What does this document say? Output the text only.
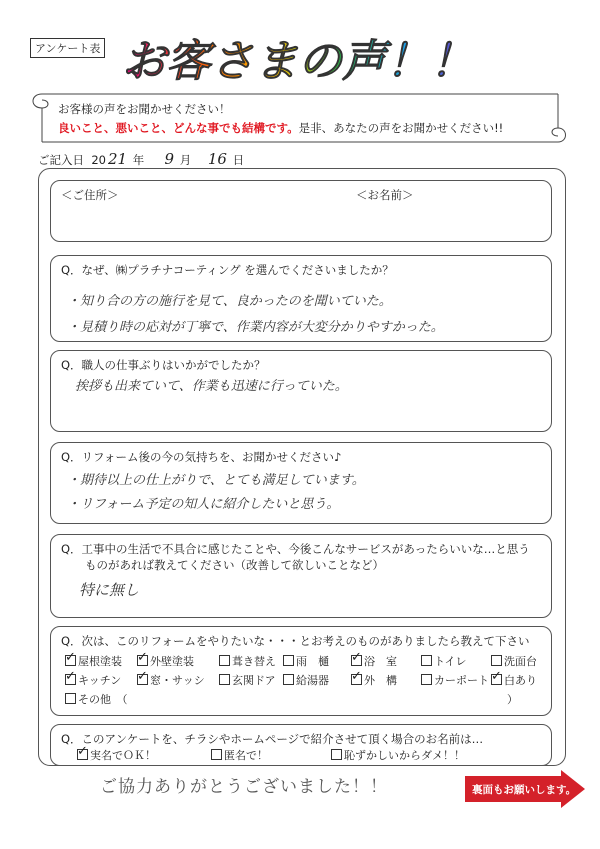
アンケート表 お客さまの声！！
お客様の声をお聞かせください！
良いこと、悪いこと、どんな事でも結構です。是非、あなたの声をお聞かせください!!
ご記入日 20 21 年 9 月 16 日
＜ご住所＞	＜お名前＞
Q．なぜ、㈱プラチナコーティング を選んでくださいましたか？
・知り合の方の施行を見て、良かったのを聞いていた。
・見積り時の応対が丁寧で、作業内容が大変分かりやすかった。
Q．職人の仕事ぶりはいかがでしたか？
挨拶も出来ていて、作業も迅速に行っていた。
Q．リフォーム後の今の気持ちを、お聞かせください♪
・期待以上の仕上がりで、とても満足しています。
・リフォーム予定の知人に紹介したいと思う。
Q．工事中の生活で不具合に感じたことや、今後こんなサービスがあったらいいな…と思う
ものがあれば教えてください（改善して欲しいことなど）
特に無し
Q．次は、このリフォームをやりたいな・・・とお考えのものがありましたら教えて下さい
✓屋根塗装 ✓	外壁塗装	葺き替え	雨　樋 ✓	浴　室	トイレ	洗面台
✓キッチン ✓	窓・サッシ	玄関ドア	給湯器 ✓	外　構	カーポート ✓	白あり
その他　（	）
Q．このアンケートを、チラシやホームページで紹介させて頂く場合のお名前は…
✓実名でＯＫ！	匿名で！	恥ずかしいからダメ！！
ご協力ありがとうございました！！	裏面もお願いします。
